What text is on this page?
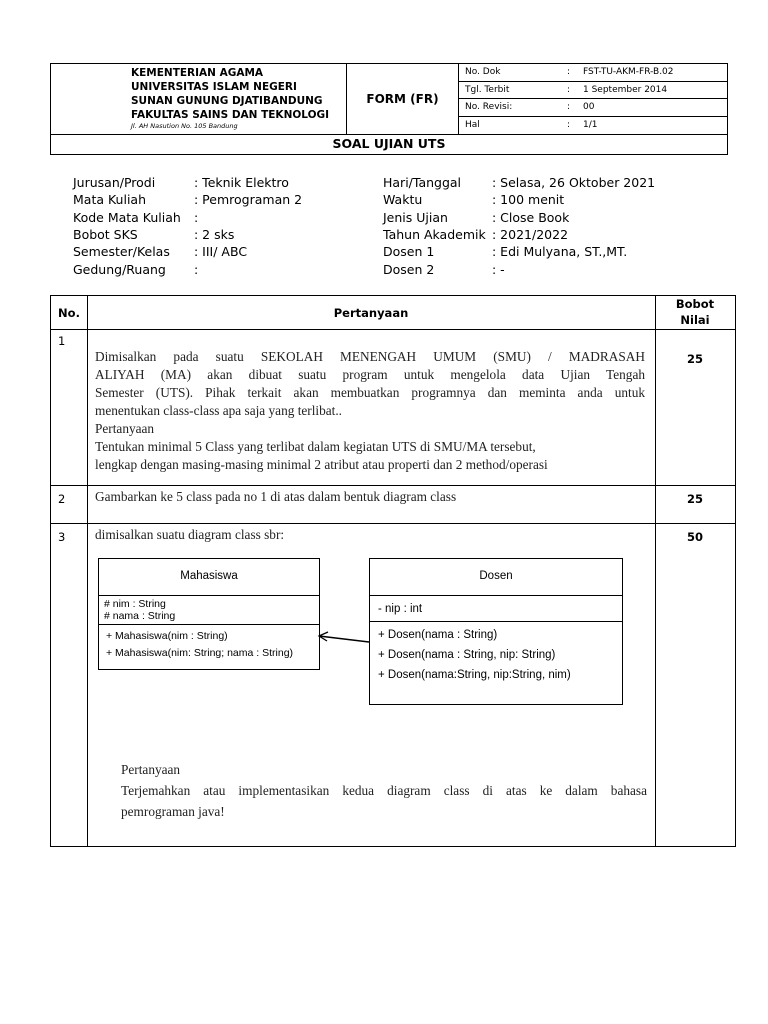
KEMENTERIAN AGAMA
UNIVERSITAS ISLAM NEGERI
SUNAN GUNUNG DJATIBANDUNG
FAKULTAS SAINS DAN TEKNOLOGI
Jl. AH Nasution No. 105 Bandung
FORM (FR)
No. Dok	: FST-TU-AKM-FR-B.02
Tgl. Terbit	: 1 September 2014
No. Revisi:	: 00
Hal	: 1/1
SOAL UJIAN UTS
Jurusan/Prodi	: Teknik Elektro
Mata Kuliah	: Pemrograman 2
Kode Mata Kuliah :
Bobot SKS	: 2 sks
Semester/Kelas : III/ ABC
Gedung/Ruang :
Hari/Tanggal : Selasa, 26 Oktober 2021
Waktu	: 100 menit
Jenis Ujian	: Close Book
Tahun Akademik : 2021/2022
Dosen 1	: Edi Mulyana, ST.,MT.
Dosen 2	: -
No.	Pertanyaan
Bobot
Nilai
1
Dimisalkan pada suatu SEKOLAH MENENGAH UMUM (SMU) / MADRASAH
ALIYAH (MA) akan dibuat suatu program untuk mengelola data Ujian Tengah
Semester (UTS). Pihak terkait akan membuatkan programnya dan meminta anda untuk
menentukan class-class apa saja yang terlibat..
Pertanyaan
Tentukan minimal 5 Class yang terlibat dalam kegiatan UTS di SMU/MA tersebut,
lengkap dengan masing-masing minimal 2 atribut atau properti dan 2 method/operasi
25
2 Gambarkan ke 5 class pada no 1 di atas dalam bentuk diagram class	25
3 dimisalkan suatu diagram class sbr:	50
Mahasiswa
# nim : String
# nama : String
+ Mahasiswa(nim : String)
+ Mahasiswa(nim: String; nama : String)
Dosen
- nip : int
+ Dosen(nama : String)
+ Dosen(nama : String, nip: String)
+ Dosen(nama:String, nip:String, nim)
Pertanyaan
Terjemahkan atau implementasikan kedua diagram class di atas ke dalam bahasa
pemrograman java!
